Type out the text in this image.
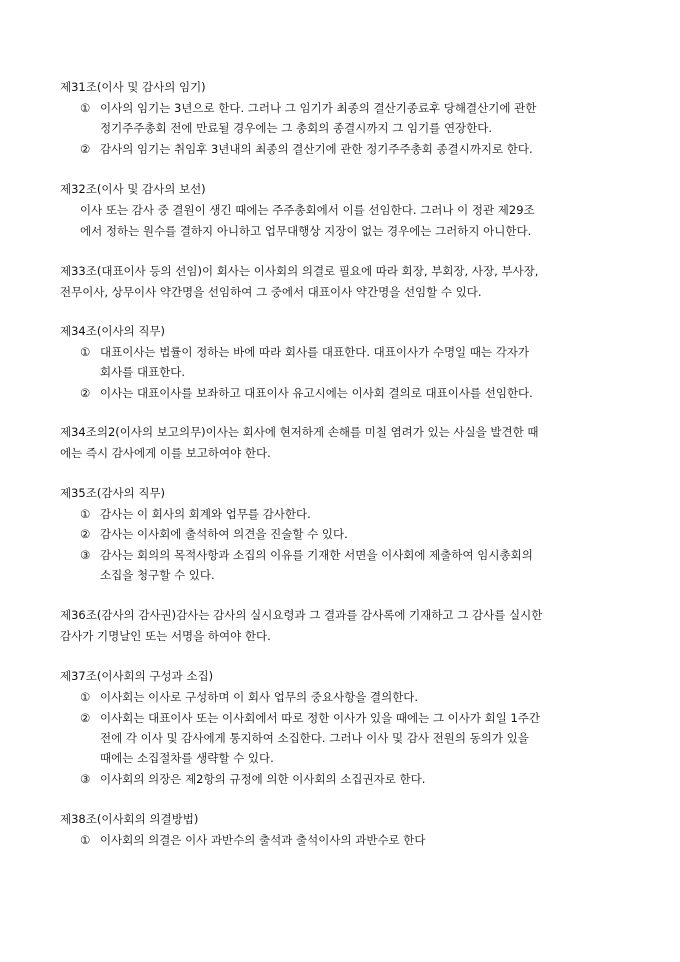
제31조(이사 및 감사의 임기)
① 이사의 임기는 3년으로 한다. 그러나 그 임기가 최종의 결산기종료후 당해결산기에 관한
정기주주총회 전에 만료될 경우에는 그 총회의 종결시까지 그 임기를 연장한다.
② 감사의 임기는 취임후 3년내의 최종의 결산기에 관한 정기주주총회 종결시까지로 한다.
제32조(이사 및 감사의 보선)
이사 또는 감사 중 결원이 생긴 때에는 주주총회에서 이를 선임한다. 그러나 이 정관 제29조
에서 정하는 원수를 결하지 아니하고 업무대행상 지장이 없는 경우에는 그러하지 아니한다.
제33조(대표이사 등의 선임)이 회사는 이사회의 의결로 필요에 따라 회장, 부회장, 사장, 부사장,
전무이사, 상무이사 약간명을 선임하여 그 중에서 대표이사 약간명을 선임할 수 있다.
제34조(이사의 직무)
① 대표이사는 법률이 정하는 바에 따라 회사를 대표한다. 대표이사가 수명일 때는 각자가
회사를 대표한다.
② 이사는 대표이사를 보좌하고 대표이사 유고시에는 이사회 결의로 대표이사를 선임한다.
제34조의2(이사의 보고의무)이사는 회사에 현저하게 손해를 미칠 염려가 있는 사실을 발견한 때
에는 즉시 감사에게 이를 보고하여야 한다.
제35조(감사의 직무)
① 감사는 이 회사의 회계와 업무를 감사한다.
② 감사는 이사회에 출석하여 의견을 진술할 수 있다.
③ 감사는 회의의 목적사항과 소집의 이유를 기재한 서면을 이사회에 제출하여 임시총회의
소집을 청구할 수 있다.
제36조(감사의 감사권)감사는 감사의 실시요령과 그 결과를 감사록에 기재하고 그 감사를 실시한
감사가 기명날인 또는 서명을 하여야 한다.
제37조(이사회의 구성과 소집)
① 이사회는 이사로 구성하며 이 회사 업무의 중요사항을 결의한다.
② 이사회는 대표이사 또는 이사회에서 따로 정한 이사가 있을 때에는 그 이사가 회일 1주간
전에 각 이사 및 감사에게 통지하여 소집한다. 그러나 이사 및 감사 전원의 동의가 있을
때에는 소집절차를 생략할 수 있다.
③ 이사회의 의장은 제2항의 규정에 의한 이사회의 소집권자로 한다.
제38조(이사회의 의결방법)
① 이사회의 의결은 이사 과반수의 출석과 출석이사의 과반수로 한다
